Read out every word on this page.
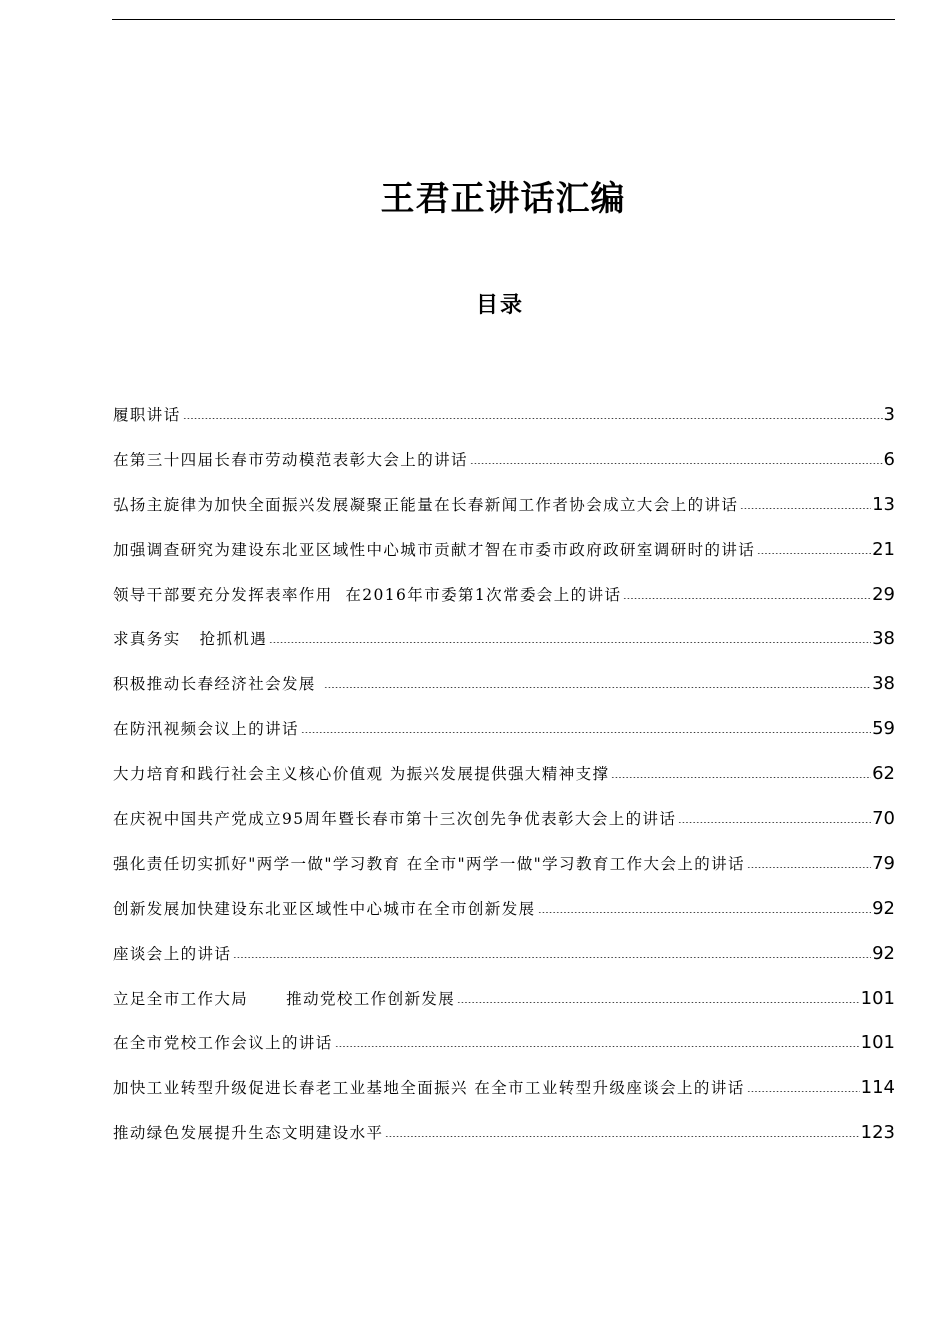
王君正讲话汇编
目录
履职讲话	3
在第三十四届长春市劳动模范表彰大会上的讲话	6
弘扬主旋律为加快全面振兴发展凝聚正能量在长春新闻工作者协会成立大会上的讲话	13
加强调查研究为建设东北亚区域性中心城市贡献才智在市委市政府政研室调研时的讲话	21
领导干部要充分发挥表率作用  在2016年市委第1次常委会上的讲话	29
求真务实   抢抓机遇	38
积极推动长春经济社会发展	38
在防汛视频会议上的讲话	59
大力培育和践行社会主义核心价值观 为振兴发展提供强大精神支撑	62
在庆祝中国共产党成立95周年暨长春市第十三次创先争优表彰大会上的讲话	70
强化责任切实抓好"两学一做"学习教育 在全市"两学一做"学习教育工作大会上的讲话	79
创新发展加快建设东北亚区域性中心城市在全市创新发展	92
座谈会上的讲话	92
立足全市工作大局      推动党校工作创新发展	101
在全市党校工作会议上的讲话	101
加快工业转型升级促进长春老工业基地全面振兴 在全市工业转型升级座谈会上的讲话	114
推动绿色发展提升生态文明建设水平	123
